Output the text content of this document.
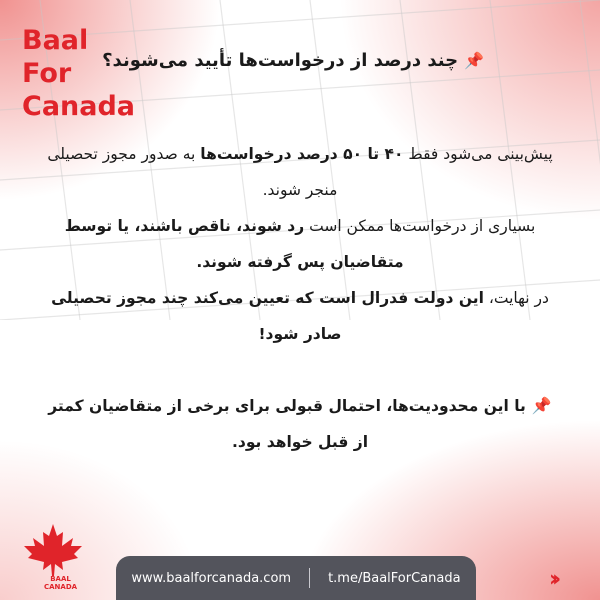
Baal
For
Canada
📌چند درصد از درخواست‌ها تأیید می‌شوند؟

پیش‌بینی می‌شود فقط ۴۰ تا ۵۰ درصد درخواست‌ها به صدور مجوز تحصیلی منجر شوند.

بسیاری از درخواست‌ها ممکن است رد شوند، ناقص باشند، یا توسط متقاضیان پس گرفته شوند.

در نهایت، این دولت فدرال است که تعیین می‌کند چند مجوز تحصیلی صادر شود!

📌با این محدودیت‌ها، احتمال قبولی برای برخی از متقاضیان کمتر از قبل خواهد بود.

BAAL
CANADA
www.baalforcanada.com	t.me/BaalForCanada	››
